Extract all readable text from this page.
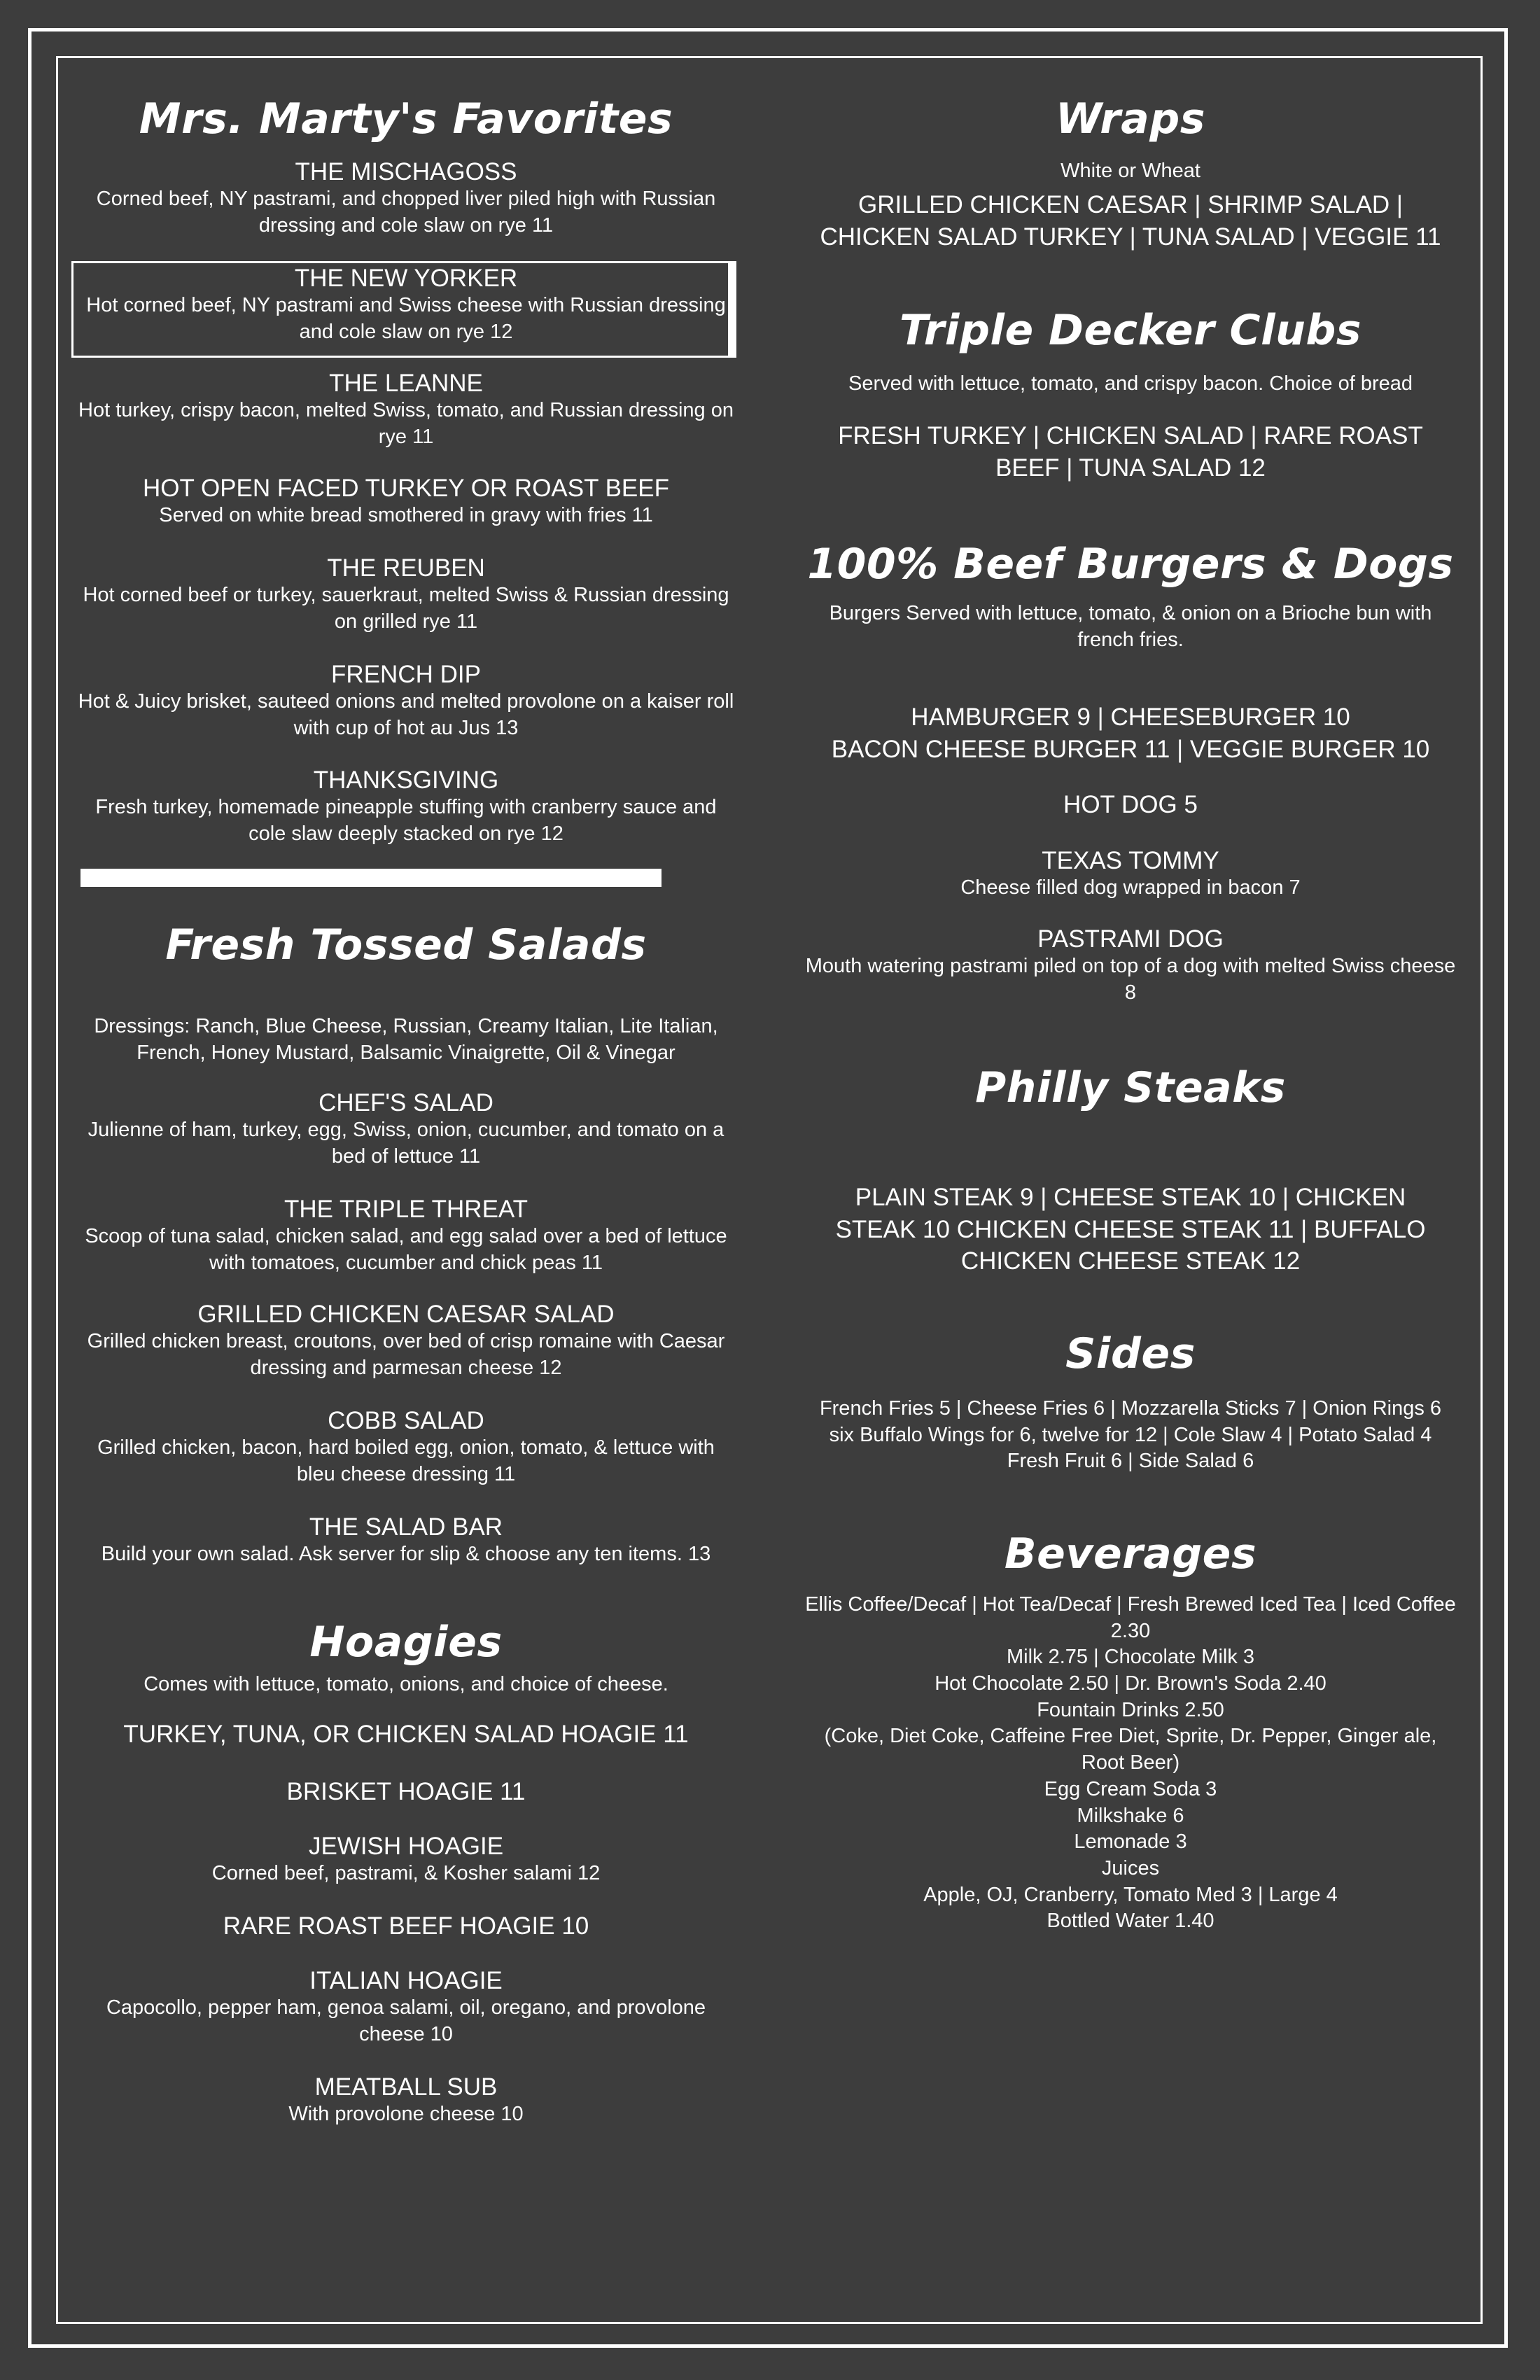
Mrs. Marty's Favorites

THE MISCHAGOSS

Corned beef, NY pastrami, and chopped liver piled high with Russian dressing and cole slaw on rye 11

THE NEW YORKER

Hot corned beef, NY pastrami and Swiss cheese with Russian dressing and cole slaw on rye 12

THE LEANNE

Hot turkey, crispy bacon, melted Swiss, tomato, and Russian dressing on rye 11

HOT OPEN FACED TURKEY OR ROAST BEEF

Served on white bread smothered in gravy with fries 11

THE REUBEN

Hot corned beef or turkey, sauerkraut, melted Swiss & Russian dressing on grilled rye 11

FRENCH DIP

Hot & Juicy brisket, sauteed onions and melted provolone on a kaiser roll with cup of hot au Jus 13

THANKSGIVING

Fresh turkey, homemade pineapple stuffing with cranberry sauce and cole slaw deeply stacked on rye 12

Fresh Tossed Salads

Dressings: Ranch, Blue Cheese, Russian, Creamy Italian, Lite Italian, French, Honey Mustard, Balsamic Vinaigrette, Oil & Vinegar

CHEF'S SALAD

Julienne of ham, turkey, egg, Swiss, onion, cucumber, and tomato on a bed of lettuce 11

THE TRIPLE THREAT

Scoop of tuna salad, chicken salad, and egg salad over a bed of lettuce with tomatoes, cucumber and chick peas 11

GRILLED CHICKEN CAESAR SALAD

Grilled chicken breast, croutons, over bed of crisp romaine with Caesar dressing and parmesan cheese 12

COBB SALAD

Grilled chicken, bacon, hard boiled egg, onion, tomato, & lettuce with bleu cheese dressing 11

THE SALAD BAR

Build your own salad. Ask server for slip & choose any ten items. 13

Hoagies

Comes with lettuce, tomato, onions, and choice of cheese.

TURKEY, TUNA, OR CHICKEN SALAD HOAGIE 11

BRISKET HOAGIE 11

JEWISH HOAGIE

Corned beef, pastrami, & Kosher salami 12

RARE ROAST BEEF HOAGIE 10

ITALIAN HOAGIE

Capocollo, pepper ham, genoa salami, oil, oregano, and provolone cheese 10

MEATBALL SUB

With provolone cheese 10

Wraps

White or Wheat

GRILLED CHICKEN CAESAR | SHRIMP SALAD | CHICKEN SALAD TURKEY | TUNA SALAD | VEGGIE 11

Triple Decker Clubs

Served with lettuce, tomato, and crispy bacon. Choice of bread

FRESH TURKEY | CHICKEN SALAD | RARE ROAST BEEF | TUNA SALAD 12

100% Beef Burgers & Dogs

Burgers Served with lettuce, tomato, & onion on a Brioche bun with french fries.

HAMBURGER 9 | CHEESEBURGER 10

BACON CHEESE BURGER 11 | VEGGIE BURGER 10

HOT DOG 5

TEXAS TOMMY

Cheese filled dog wrapped in bacon 7

PASTRAMI DOG

Mouth watering pastrami piled on top of a dog with melted Swiss cheese 8

Philly Steaks

PLAIN STEAK 9 | CHEESE STEAK 10 | CHICKEN STEAK 10 CHICKEN CHEESE STEAK 11 | BUFFALO CHICKEN CHEESE STEAK 12

Sides

French Fries 5 | Cheese Fries 6 | Mozzarella Sticks 7 | Onion Rings 6

six Buffalo Wings for 6, twelve for 12 | Cole Slaw 4 | Potato Salad 4

Fresh Fruit 6 | Side Salad 6

Beverages

Ellis Coffee/Decaf | Hot Tea/Decaf | Fresh Brewed Iced Tea | Iced Coffee 2.30

Milk 2.75 | Chocolate Milk 3

Hot Chocolate 2.50 | Dr. Brown's Soda 2.40

Fountain Drinks 2.50

(Coke, Diet Coke, Caffeine Free Diet, Sprite, Dr. Pepper, Ginger ale, Root Beer)

Egg Cream Soda 3

Milkshake 6

Lemonade 3

Juices

Apple, OJ, Cranberry, Tomato Med 3 | Large 4

Bottled Water 1.40
